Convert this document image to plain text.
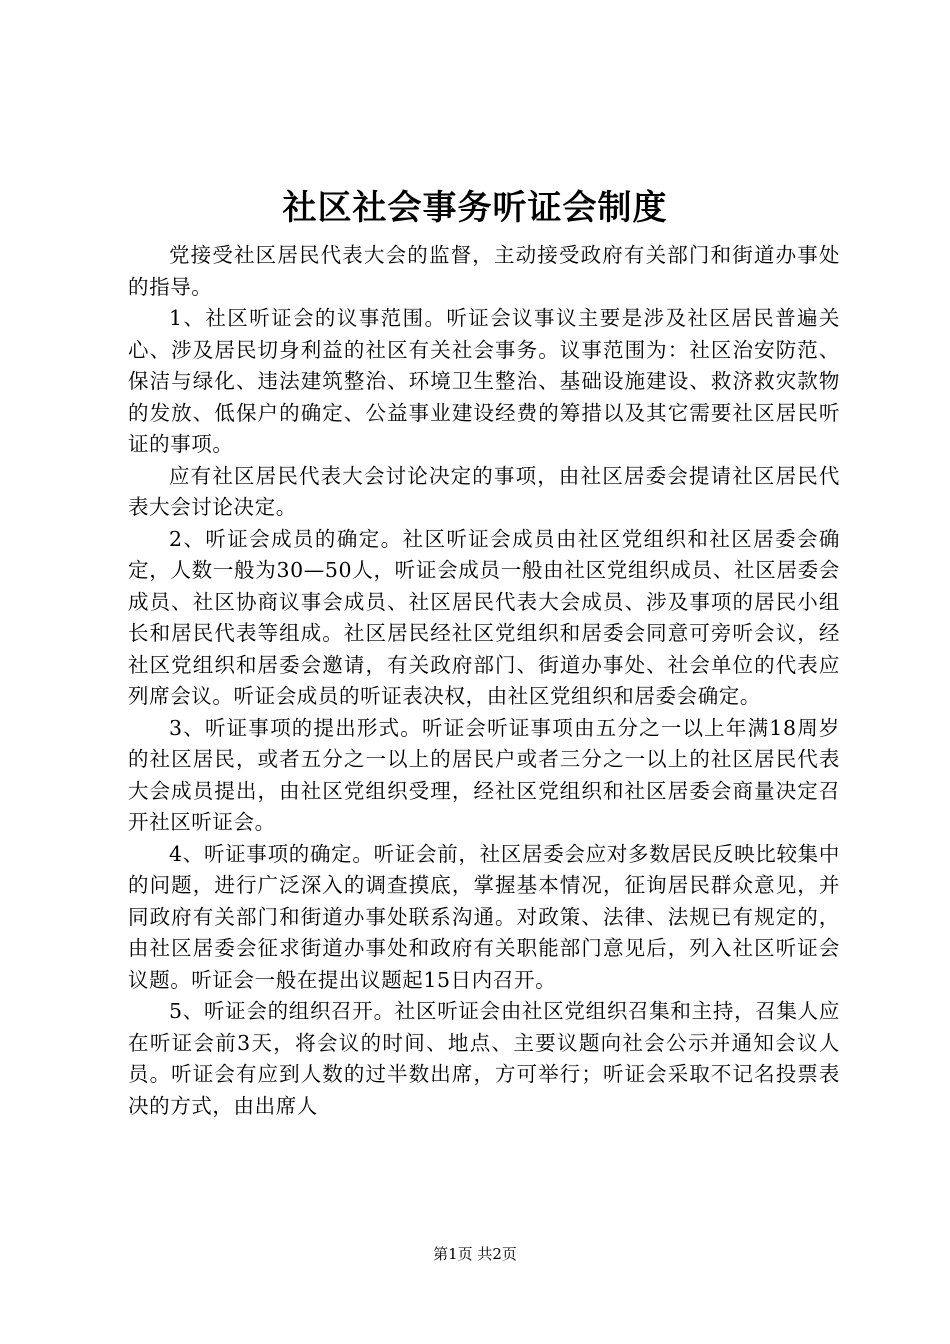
社区社会事务听证会制度

党接受社区居民代表大会的监督，主动接受政府有关部门和街道办事处的指导。

1、社区听证会的议事范围。听证会议事议主要是涉及社区居民普遍关心、涉及居民切身利益的社区有关社会事务。议事范围为：社区治安防范、保洁与绿化、违法建筑整治、环境卫生整治、基础设施建设、救济救灾款物的发放、低保户的确定、公益事业建设经费的筹措以及其它需要社区居民听证的事项。

应有社区居民代表大会讨论决定的事项，由社区居委会提请社区居民代表大会讨论决定。

2、听证会成员的确定。社区听证会成员由社区党组织和社区居委会确定，人数一般为30—50人，听证会成员一般由社区党组织成员、社区居委会成员、社区协商议事会成员、社区居民代表大会成员、涉及事项的居民小组长和居民代表等组成。社区居民经社区党组织和居委会同意可旁听会议，经社区党组织和居委会邀请，有关政府部门、街道办事处、社会单位的代表应列席会议。听证会成员的听证表决权，由社区党组织和居委会确定。

3、听证事项的提出形式。听证会听证事项由五分之一以上年满18周岁的社区居民，或者五分之一以上的居民户或者三分之一以上的社区居民代表大会成员提出，由社区党组织受理，经社区党组织和社区居委会商量决定召开社区听证会。

4、听证事项的确定。听证会前，社区居委会应对多数居民反映比较集中的问题，进行广泛深入的调查摸底，掌握基本情况，征询居民群众意见，并同政府有关部门和街道办事处联系沟通。对政策、法律、法规已有规定的，由社区居委会征求街道办事处和政府有关职能部门意见后，列入社区听证会议题。听证会一般在提出议题起15日内召开。

5、听证会的组织召开。社区听证会由社区党组织召集和主持，召集人应在听证会前3天，将会议的时间、地点、主要议题向社会公示并通知会议人员。听证会有应到人数的过半数出席，方可举行；听证会采取不记名投票表决的方式，由出席人

第1页 共2页
